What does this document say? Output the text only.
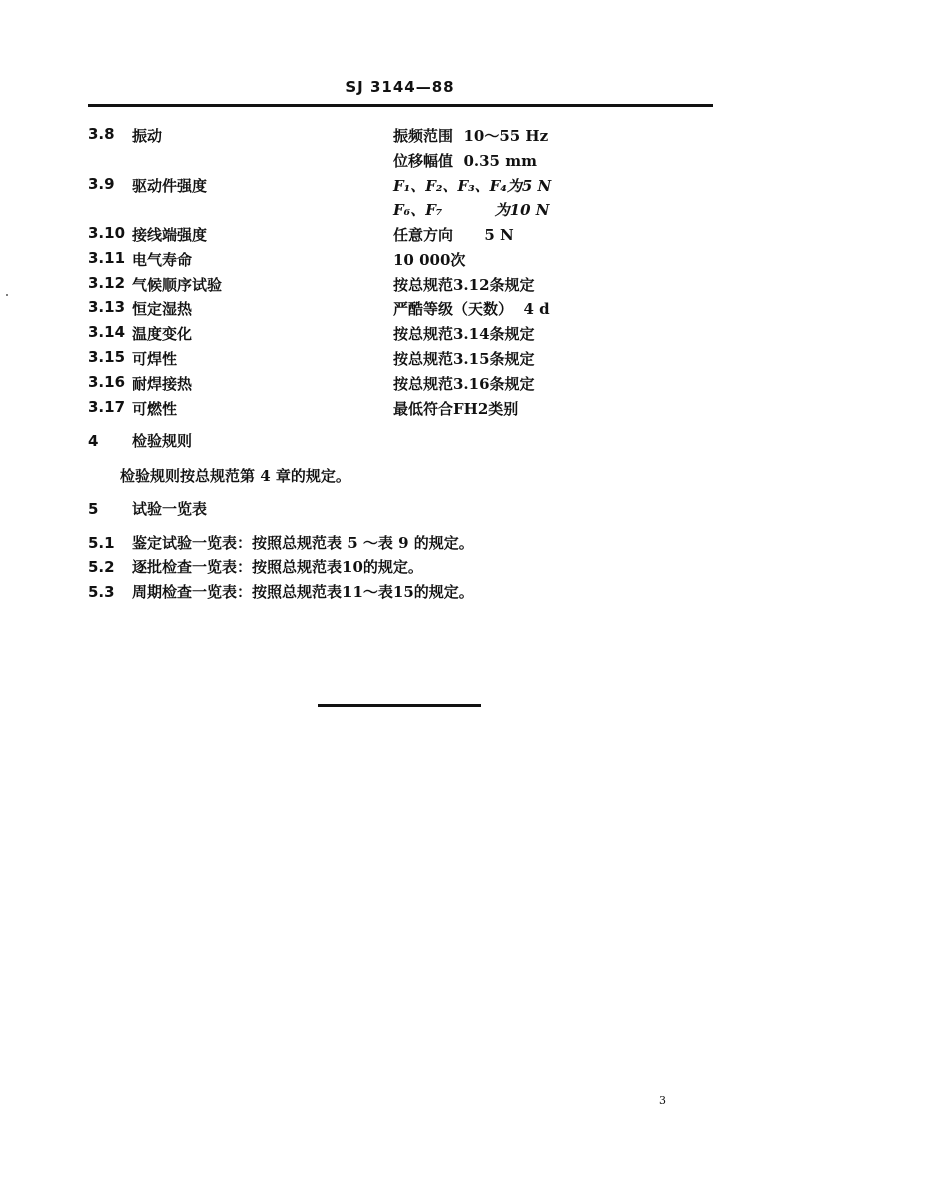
SJ 3144—88
3.8 振动	振频范围  10～55 Hz
位移幅值  0.35 mm
3.9 驱动件强度	F₁、F₂、F₃、F₄为5 N
F₆、F₇          为10 N
3.10 接线端强度	任意方向      5 N
3.11 电气寿命	10 000次
3.12 气候顺序试验	按总规范3.12条规定
3.13 恒定湿热	严酷等级（天数）  4 d
3.14 温度变化	按总规范3.14条规定
3.15 可焊性	按总规范3.15条规定
3.16 耐焊接热	按总规范3.16条规定
3.17 可燃性	最低符合FH2类别
4 检验规则
检验规则按总规范第 4 章的规定。
5 试验一览表
5.1 鉴定试验一览表：按照总规范表 5 ～表 9 的规定。
5.2 逐批检查一览表：按照总规范表10的规定。
5.3 周期检查一览表：按照总规范表11～表15的规定。
3
